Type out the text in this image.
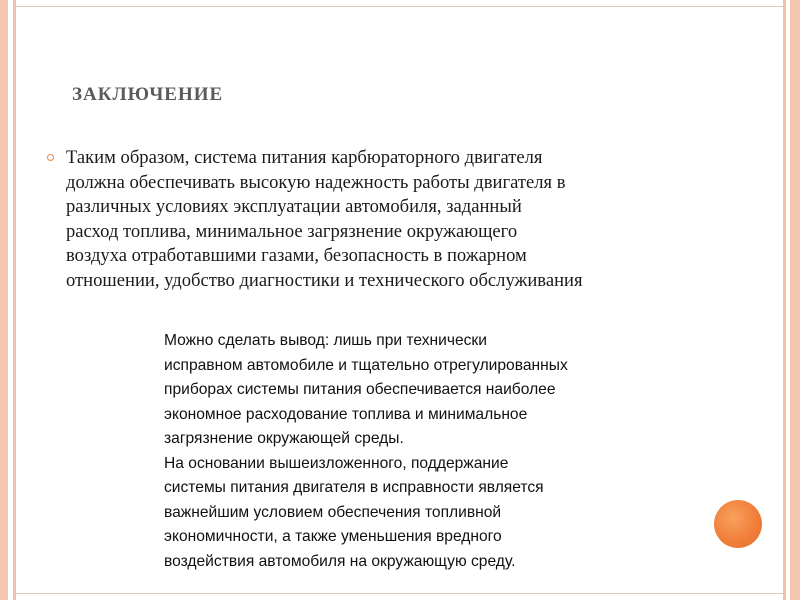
ЗАКЛЮЧЕНИЕ

Таким образом, система питания карбюраторного двигателя
должна обеспечивать высокую надежность работы двигателя в
различных условиях эксплуатации автомобиля, заданный
расход топлива, минимальное загрязнение окружающего
воздуха отработавшими газами, безопасность в пожарном
отношении, удобство диагностики и технического обслуживания

Можно сделать вывод: лишь при технически
исправном автомобиле и тщательно отрегулированных
приборах системы питания обеспечивается наиболее
экономное расходование топлива и минимальное
загрязнение окружающей среды.

На основании вышеизложенного, поддержание
системы питания двигателя в исправности является
важнейшим условием обеспечения топливной
экономичности, а также уменьшения вредного
воздействия автомобиля на окружающую среду.
